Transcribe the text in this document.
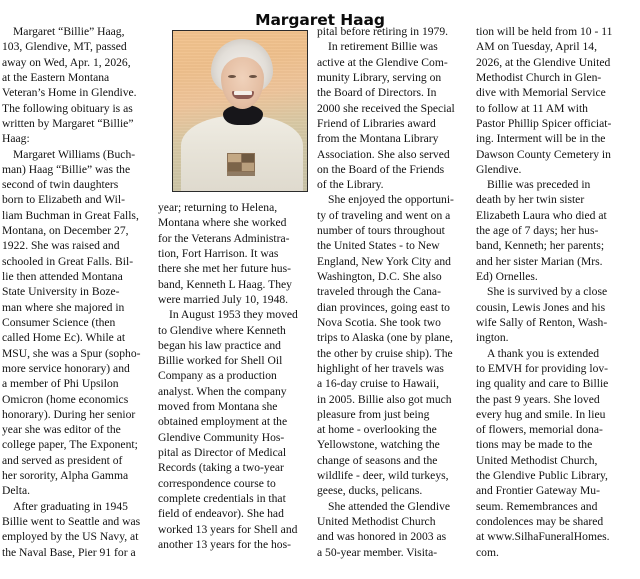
Margaret Haag
Margaret “Billie” Haag,
103, Glendive, MT, passed
away on Wed, Apr. 1, 2026,
at the Eastern Montana
Veteran’s Home in Glendive.
The following obituary is as
written by Margaret “Billie”
Haag:
Margaret Williams (Buch-
man) Haag “Billie” was the
second of twin daughters
born to Elizabeth and Wil-
liam Buchman in Great Falls,
Montana, on December 27,
1922. She was raised and
schooled in Great Falls. Bil-
lie then attended Montana
State University in Boze-
man where she majored in
Consumer Science (then
called Home Ec). While at
MSU, she was a Spur (sopho-
more service honorary) and
a member of Phi Upsilon
Omicron (home economics
honorary). During her senior
year she was editor of the
college paper, The Exponent;
and served as president of
her sorority, Alpha Gamma
Delta.
After graduating in 1945
Billie went to Seattle and was
employed by the US Navy, at
the Naval Base, Pier 91 for a
year; returning to Helena,
Montana where she worked
for the Veterans Administra-
tion, Fort Harrison. It was
there she met her future hus-
band, Kenneth L Haag. They
were married July 10, 1948.
In August 1953 they moved
to Glendive where Kenneth
began his law practice and
Billie worked for Shell Oil
Company as a production
analyst. When the company
moved from Montana she
obtained employment at the
Glendive Community Hos-
pital as Director of Medical
Records (taking a two-year
correspondence course to
complete credentials in that
field of endeavor). She had
worked 13 years for Shell and
another 13 years for the hos-
pital before retiring in 1979.
In retirement Billie was
active at the Glendive Com-
munity Library, serving on
the Board of Directors. In
2000 she received the Special
Friend of Libraries award
from the Montana Library
Association. She also served
on the Board of the Friends
of the Library.
She enjoyed the opportuni-
ty of traveling and went on a
number of tours throughout
the United States - to New
England, New York City and
Washington, D.C. She also
traveled through the Cana-
dian provinces, going east to
Nova Scotia. She took two
trips to Alaska (one by plane,
the other by cruise ship). The
highlight of her travels was
a 16-day cruise to Hawaii,
in 2005. Billie also got much
pleasure from just being
at home - overlooking the
Yellowstone, watching the
change of seasons and the
wildlife - deer, wild turkeys,
geese, ducks, pelicans.
She attended the Glendive
United Methodist Church
and was honored in 2003 as
a 50-year member. Visita-
tion will be held from 10 - 11
AM on Tuesday, April 14,
2026, at the Glendive United
Methodist Church in Glen-
dive with Memorial Service
to follow at 11 AM with
Pastor Phillip Spicer officiat-
ing. Interment will be in the
Dawson County Cemetery in
Glendive.
Billie was preceded in
death by her twin sister
Elizabeth Laura who died at
the age of 7 days; her hus-
band, Kenneth; her parents;
and her sister Marian (Mrs.
Ed) Ornelles.
She is survived by a close
cousin, Lewis Jones and his
wife Sally of Renton, Wash-
ington.
A thank you is extended
to EMVH for providing lov-
ing quality and care to Billie
the past 9 years. She loved
every hug and smile. In lieu
of flowers, memorial dona-
tions may be made to the
United Methodist Church,
the Glendive Public Library,
and Frontier Gateway Mu-
seum. Remembrances and
condolences may be shared
at www.SilhaFuneralHomes.
com.
